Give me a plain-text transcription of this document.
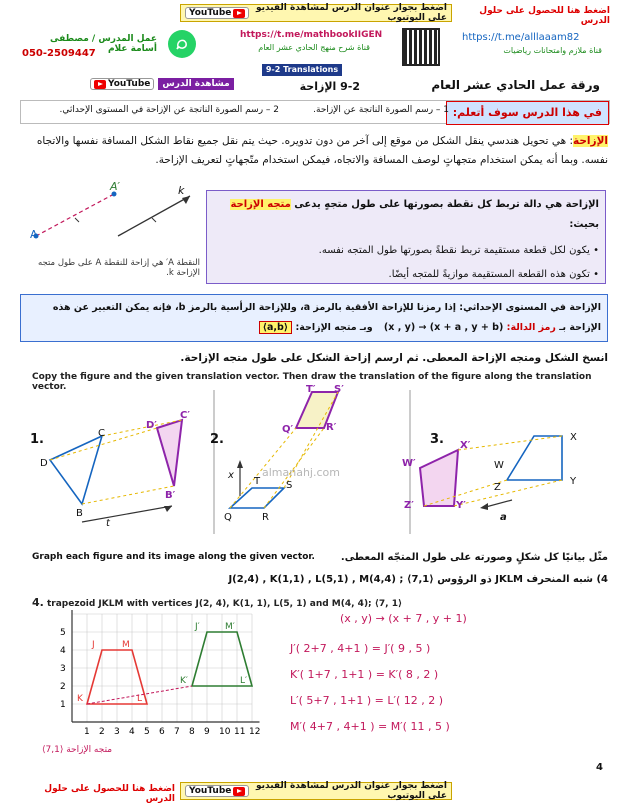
اضغط بجوار عنوان الدرس لمشاهدة الفيديو على اليوتيوب
YouTube	اضغط هنا للحصول على حلول الدرس
عمل المدرس / مصطفى أسامة علام
050-2509447
https://t.me/mathbookIIGEN
قناة شرح منهج الحادي عشر العام
https://t.me/alllaaam82
قناة ملازم وامتحانات رياضيات
9-2 Translations
YouTube	مشاهدة الدرس	ورقة عمل الحادي عشر العام
9-2 الإزاحة
في هذا الدرس سوف أتعلم:
1 – رسم الصورة الناتجة عن الإزاحة.
2 – رسم الصورة الناتجة عن الإزاحة في المستوى الإحداثي.
الإزاحة: هي تحويل هندسي ينقل الشكل من موقع إلى آخر من دون تدويره. حيث يتم نقل جميع نقاط الشكل المسافة نفسها والاتجاه نفسه. وبما أنه يمكن استخدام متجهاتٍ لوصف المسافة والاتجاه، فيمكن استخدام متّجهاتٍ لتعريف الإزاحة.
A
A′	k
النقطة A′ هي إزاحة للنقطة A على طول متجه الإزاحة k.
الإزاحة هي دالة تربط كل نقطة بصورتها على طول متجهٍ يدعى متجه الإزاحة بحيث:
• يكون لكل قطعة مستقيمة تربط نقطةً بصورتها طول المتجه نفسه.
• تكون هذه القطعة المستقيمة موازيةً للمتجه أيضًا.
الإزاحة في المستوى الإحداثي: إذا رمزنا للإزاحة الأفقية بالرمز a، وللإزاحة الرأسية بالرمز b، فإنه يمكن التعبير عن هذه
الإزاحة بـ رمز الدالة: (x , y) → (x + a , y + b) وبـ متجه الإزاحة: ⟨a,b⟩
انسخ الشكل ومتجه الإزاحة المعطى. ثم ارسم إزاحة الشكل على طول متجه الإزاحة.
Copy the figure and the given translation vector. Then draw the translation of the figure along the translation vector.
1.	2.	3.
C
D
B
C′
D′
B′
t
Q′	R′
S′
T′
Q	R
S
T
x
W′
X′
Y′
Z′
W
X
Y
Z
a
almanahj.com
Graph each figure and its image along the given vector.	مثّل بيانيًا كل شكلٍ وصورته على طول المتجّه المعطى.
4) شبه المنحرف JKLM ذو الرؤوس J(2,4) , K(1,1) , L(5,1) , M(4,4) ; ⟨7,1⟩
4. trapezoid JKLM with vertices J(2, 4), K(1, 1), L(5, 1) and M(4, 4); ⟨7, 1⟩
1 2 3 4 5 6 7 8 9 10 11 12
1
2
3
4
5
J	M
L
K
J′	M′
L′
K′
⟨7,1⟩ متجه الإزاحة
(x , y) → (x + 7 , y + 1)
J′( 2+7 , 4+1 ) = J′( 9 , 5 )
K′( 1+7 , 1+1 ) = K′( 8 , 2 )
L′( 5+7 , 1+1 ) = L′( 12 , 2 )
M′( 4+7 , 4+1 ) = M′( 11 , 5 )
4
اضغط بجوار عنوان الدرس لمشاهدة الفيديو على اليوتيوب
YouTube
اضغط هنا للحصول على حلول الدرس
